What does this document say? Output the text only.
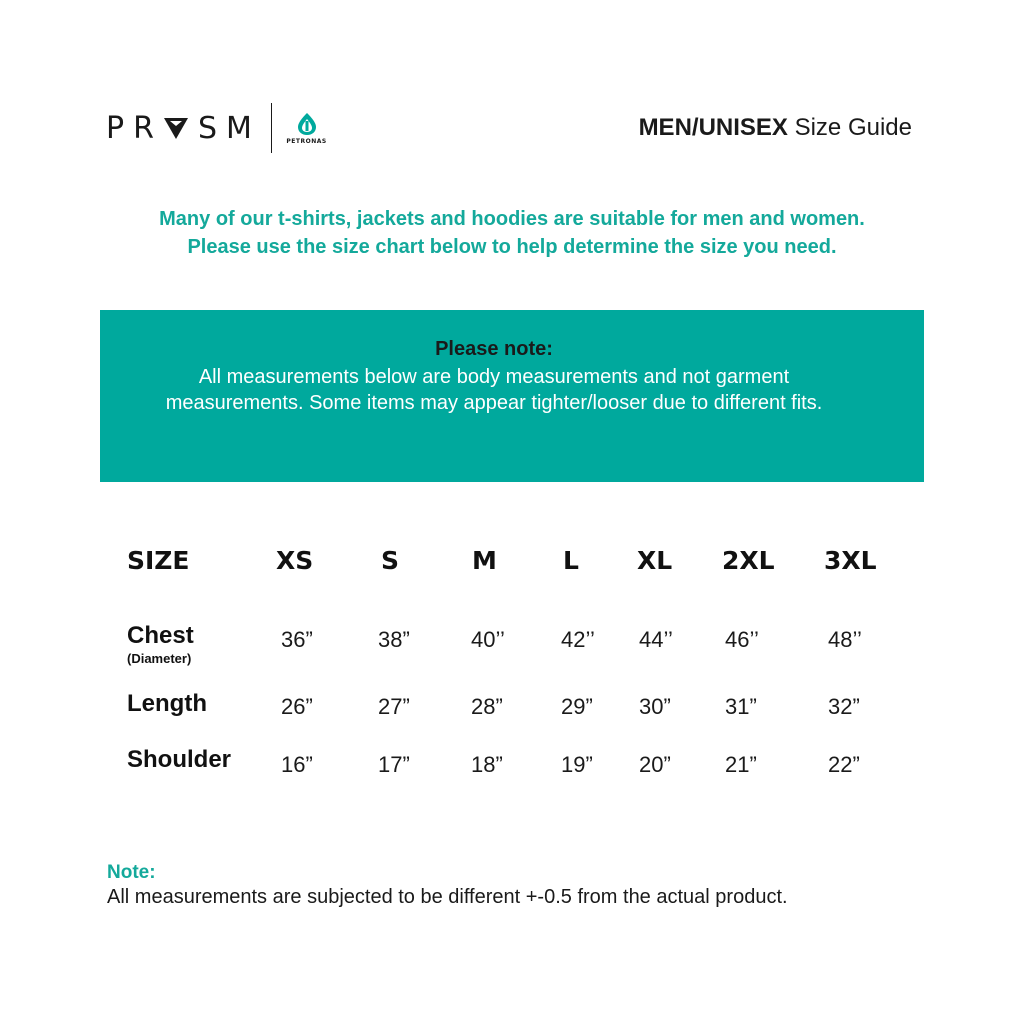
P R S M	PETRONAS
MEN/UNISEX Size Guide
Many of our t-shirts, jackets and hoodies are suitable for men and women.
Please use the size chart below to help determine the size you need.
Please note:
All measurements below are body measurements and not garment measurements. Some items may appear tighter/looser due to different fits.
SIZE	XS	S	M	L XL 2XL 3XL
Chest
(Diameter)
36”	38”	40’’	42’’ 44’’ 46’’	48’’
Length	26”	27”	28”	29” 30” 31”	32”
Shoulder 16”	17”	18”	19” 20” 21”	22”
Note:
All measurements are subjected to be different +-0.5 from the actual product.
